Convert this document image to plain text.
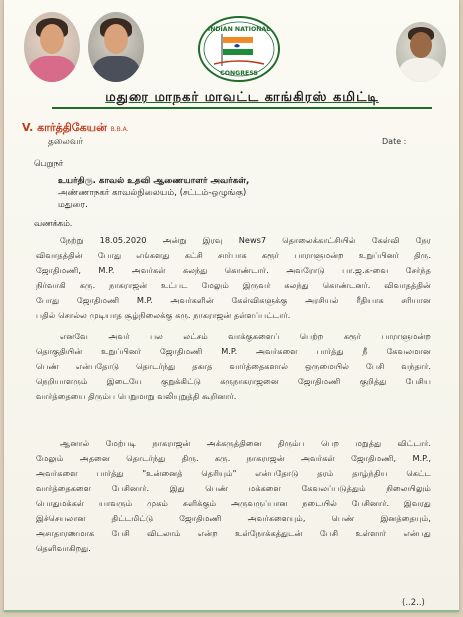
INDIAN NATIONAL
CONGRESS
மதுரை மாநகர் மாவட்ட காங்கிரஸ் கமிட்டி
V. கார்த்திகேயன் B.B.A.
தலைவர்	Date :
பெறுநர்
உயர்திரு. காவல் உதவி ஆணையாளர் அவர்கள்,
அண்ணாநகர் காவல்நிலையம், (சட்டம்-ஒழுங்கு)
மதுரை.
வணக்கம்.
நேற்று 18.05.2020 அன்று இரவு News7 தொலைக்காட்சியில் கேள்வி நேர
விவாதத்தின் போது எங்களது கட்சி சார்பாக கரூர் பாராளுமன்ற உறுப்பினர் திரு.
ஜோதிமணி, M.P. அவர்கள் கலந்து கொண்டார். அவரோடு பா.ஜ.க-வை சேர்ந்த
நிர்வாகி கரு. நாகராஜன் உட்பட மேலும் இருவர் கலந்து கொண்டனர். விவாதத்தின்
போது ஜோதிமணி M.P. அவர்களின் கேள்விகளுக்கு அரசியல் ரீதியாக சரியான
பதில் சொல்ல முடியாத சூழ்நிலைக்கு கரு. நாகராஜன் தள்ளப்பட்டார்.
எனவே அவர் பல லட்சம் வாக்குகளைப் பெற்ற கரூர் பாராளுமன்ற
தொகுதியின் உறுப்பினர் ஜோதிமணி M.P. அவர்களை பார்த்து நீ கேவலமான
பெண் என்பதோடு தொடர்ந்து தகாத வார்த்தைகளால் ஒருமையில் பேசி வந்தார்.
நெறியாளரும் இடையே குறுக்கிட்டு கருநாகராஜனை ஜோதிமணி குறித்து பேசிய
வார்த்தையை திரும்ப பெறுமாறு வலியுறுத்தி கூறினார்.
ஆனால் மேற்படி நாகராஜன் அக்கருத்தினை திரும்ப பெற மறுத்து விட்டார்.
மேலும் அதனை தொடர்ந்து திரு. கரு. நாகராஜன் அவர்கள் ஜோதிமணி, M.P.,
அவர்களை பார்த்து "உன்னைத் தெரியும்" என்பதோடு தரம் தாழ்ந்திய கெட்ட
வார்த்தைகளை பேசினார். இது பெண் மக்களை கேவலப்படுத்தும் நிலையிலும்
பொதுமக்கள் யாவரும் முகம் சுளிக்கும் அருவருப்பான நடையில் பேசினார். இவரது
இச்செயலான திட்டமிட்டு ஜோதிமணி அவர்களையும், பெண் இனத்தையும்,
அசாதாரணமாக பேசி விடலாம் என்ற உள்நோக்கத்துடன் பேசி உள்ளார் என்பது
தெளிவாகிறது.
(..2..)
